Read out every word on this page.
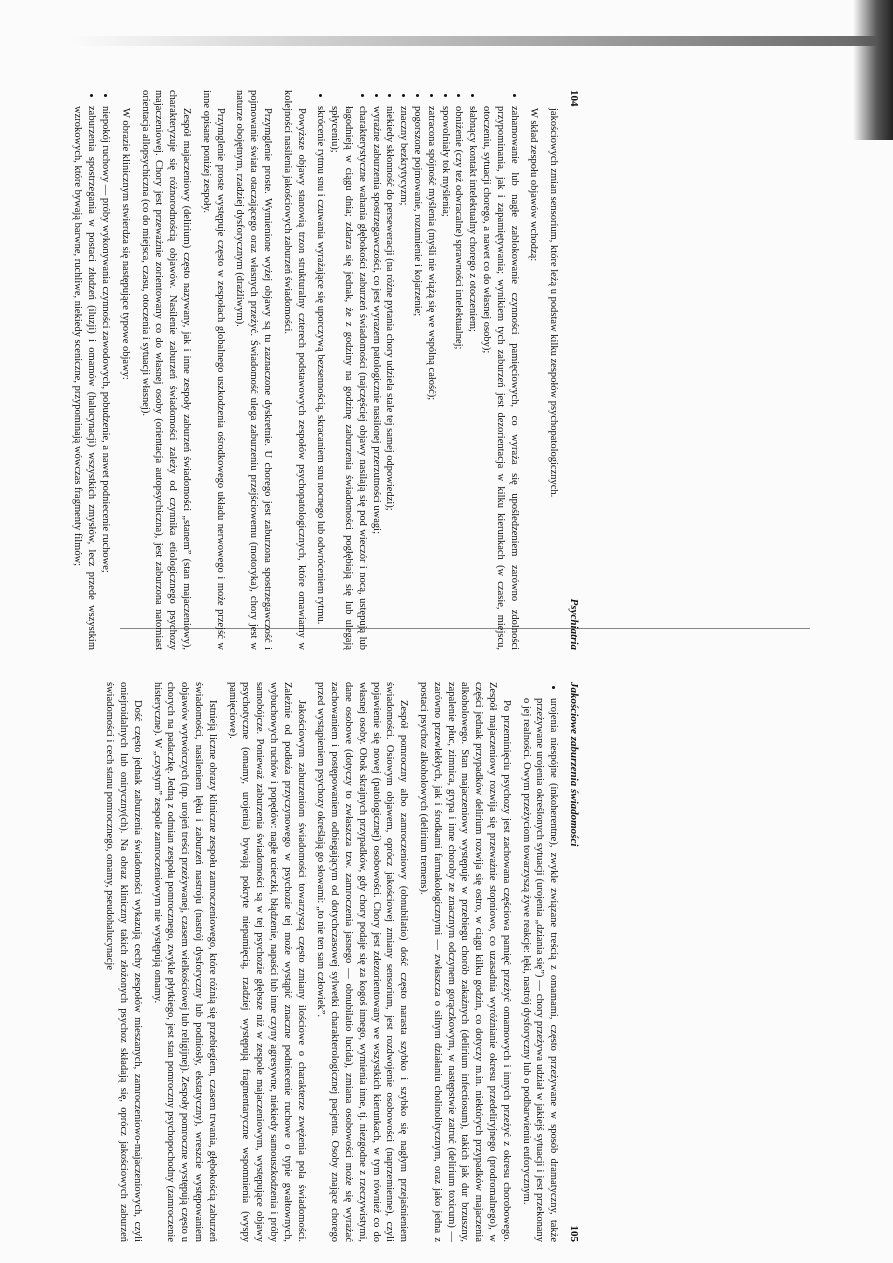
104
Psychiatria

jakościowych zmian sensorium, które leżą u podstaw kilku zespołów psychopatologicznych.

W skład zespołu objawów wchodzą:

• zahamowanie lub nagłe zablokowanie czynności pamięciowych, co wyraża się upośledzeniem zarówno zdolności przypominania, jak i zapamiętywania; wynikiem tych zaburzeń jest dezorientacja w kilku kierunkach (w czasie, miejscu, otoczeniu, sytuacji chorego, a nawet co do własnej osoby);
• słabnący kontakt intelektualny chorego z otoczeniem;
• obniżenie (czy też odwracalne) sprawności intelektualnej;
• spowolniały tok myślenia;
• zatracona spójność myślenia (myśli nie wiążą się we wspólną całość);
• pogorszone pojmowanie, rozumienie i kojarzenie;
• znaczny bezkrytycyzm;
• niekiedy skłonność do perseweracji (na różne pytania chory udziela stale tej samej odpowiedzi);
• wyraźne zaburzenia spostrzegawczości, co jest wyrazem patologicznie nasilonej przerzutności uwagi;
• charakterystyczne wahania głębokości zaburzeń świadomości (najczęściej objawy nasilają się pod wieczór i nocą, ustępują lub łagodnieją w ciągu dnia; zdarza się jednak, że z godziny na godzinę zaburzenia świadomości pogłębiają się lub ulegają spłyceniu);
• skrócenie rytmu snu i czuwania wyrażające się uporczywą bezsennością, skracaniem snu nocnego lub odwróceniem rytmu.

Powyższe objawy stanowią trzon strukturalny czterech podstawowych zespołów psychopatologicznych, które omawiamy w kolejności nasilenia jakościowych zaburzeń świadomości.

Przymglenie proste. Wymienione wyżej objawy są tu zaznaczone dyskretnie. U chorego jest zaburzona spostrzegawczość i pojmowanie świata otaczającego oraz własnych przeżyć. Świadomość ulega zaburzeniu przejściowemu (motoryka), chory jest w naturze obojętnym, rzadziej dysforycznym (drażliwym).

Przymglenie proste występuje często w zespołach globalnego uszkodzenia ośrodkowego układu nerwowego i może przejść w inne opisane poniżej zespoły.

Zespół majaczeniowy (delirium) często nazywany, jak i inne zespoły zaburzeń świadomości „stanem” (stan majaczeniowy), charakteryzuje się różnorodnością objawów. Nasilenie zaburzeń świadomości zależy od czynnika etiologicznego psychozy majaczeniowej. Chory jest przeważnie zorientowany co do własnej osoby (orientacja autopsychiczna), jest zaburzona natomiast orientacja allopsychiczna (co do miejsca, czasu, otoczenia i sytuacji własnej).

W obrazie klinicznym stwierdza się następujące typowe objawy:

• niepokój ruchowy — próby wykonywania czynności zawodowych, pobudzenie, a nawet podniecenie ruchowe;
• zaburzenia spostrzegania w postaci złudzeń (iluzji) i omamów (halucynacji) wszystkich zmysłów, lecz przede wszystkim wzrokowych, które bywają barwne, ruchliwe, niekiedy sceniczne, przypominają wówczas fragmenty filmów;
Jakościowe zaburzenia świadomości
105
• urojenia niespójne (inkoherentne), zwykle związane treścią z omamami, często przeżywane w sposób dramatyczny, także przeżywane urojenia określonych sytuacji (urojenia „dziania się”) — chory przeżywa udział w jakiejś sytuacji i jest przekonany o jej realności. Owym przeżyciom towarzyszą żywe reakcje: lęki, nastrój dysforyczny lub o podbarwieniu euforycznym.

Po przeminięciu psychozy jest zachowana częściowa pamięć przeżyć omamowych i innych przeżyć z okresu chorobowego. Zespół majaczeniowy rozwija się przeważnie stopniowo, co uzasadnia wyróżnianie okresu przedeliryjnego (prodromalnego), w części jednak przypadków delirium rozwija się ostro, w ciągu kilku godzin, co dotyczy m.in. niektórych przypadków majaczenia alkoholowego. Stan majaczeniowy występuje w przebiegu chorób zakaźnych (delirium infectiosum), takich jak dur brzuszny, zapalenie płuc, zimnica, grypa i inne choroby ze znacznym odczynem gorączkowym, w następstwie zatruć (delirium toxicum) — zarówno przewlekłych, jak i środkami farmakologicznymi — zwłaszcza o silnym działaniu cholinolitycznym, oraz jako jedna z postaci psychoz alkoholowych (delirium tremens).

Zespół pomroczny albo zamroczeniowy (obnubilatio) dość często narasta szybko i szybko się nagłym przejaśnieniem świadomości. Osiowym objawem, oprócz jakościowej zmiany sensorium, jest rozdwojenie osobowości (naprzemienne), czyli pojawienie się nowej (patologicznej) osobowości. Chory jest zdezorientowany we wszystkich kierunkach, w tym również co do własnej osoby. Obok skrajnych przypadków, gdy chory podaje się za kogoś innego, wymienia inne, tj. niezgodne z rzeczywistymi, dane osobowe (dotyczy to zwłaszcza tzw. zamroczenia jasnego — obnubilatio lucida), zmiana osobowości może się wyrażać zachowaniem i postępowaniem odbiegającym od dotychczasowej sylwetki charakterologicznej pacjenta. Osoby znające chorego przed wystąpieniem psychozy określają go słowami: „to nie ten sam człowiek”.

Jakościowym zaburzeniom świadomości towarzyszą często zmiany ilościowe o charakterze zwężenia pola świadomości. Zależnie od podłoża przyczynowego w psychozie tej może wystąpić znaczne podniecenie ruchowe o typie gwałtownych, wybuchowych ruchów i popędów: nagłe ucieczki, błądzenie, napaści lub inne czyny agresywne, niekiedy samouszkodzenia i próby samobójcze. Ponieważ zaburzenia świadomości są w tej psychozie głębsze niż w zespole majaczeniowym, występujące objawy psychotyczne (omamy, urojenia) bywają pokryte niepamięcią, rzadziej występują fragmentaryczne wspomnienia (wyspy pamięciowe).

Istnieją liczne obrazy kliniczne zespołu zamroczeniowego, które różnią się przebiegiem, czasem trwania, głębokością zaburzeń świadomości, nasileniem lęku i zaburzeń nastroju (nastrój dysforyczny lub podniosły, ekstatyczny), wreszcie występowaniem objawów wytwórczych (np. urojeń treści przeżywanej, czasem wielkościowej lub religijnej). Zespoły pomroczne występują często u chorych na padaczkę. Jedną z odmian zespołu pomrocznego, zwykle płytkiego, jest stan pomroczny psychopochodny (zamroczenie histeryczne). W „czystym” zespole zamroczeniowym nie występują omamy.

Dość często jednak zaburzenia świadomości wykazują cechy zespołów mieszanych, zamroczeniowo-majaczeniowych, czyli oniejroidalnych lub oniryczny(ch). Na obraz kliniczny takich złożonych psychoz składają się, oprócz jakościowych zaburzeń świadomości i cech stanu pomrocznego, omamy, pseudohalucynacje
